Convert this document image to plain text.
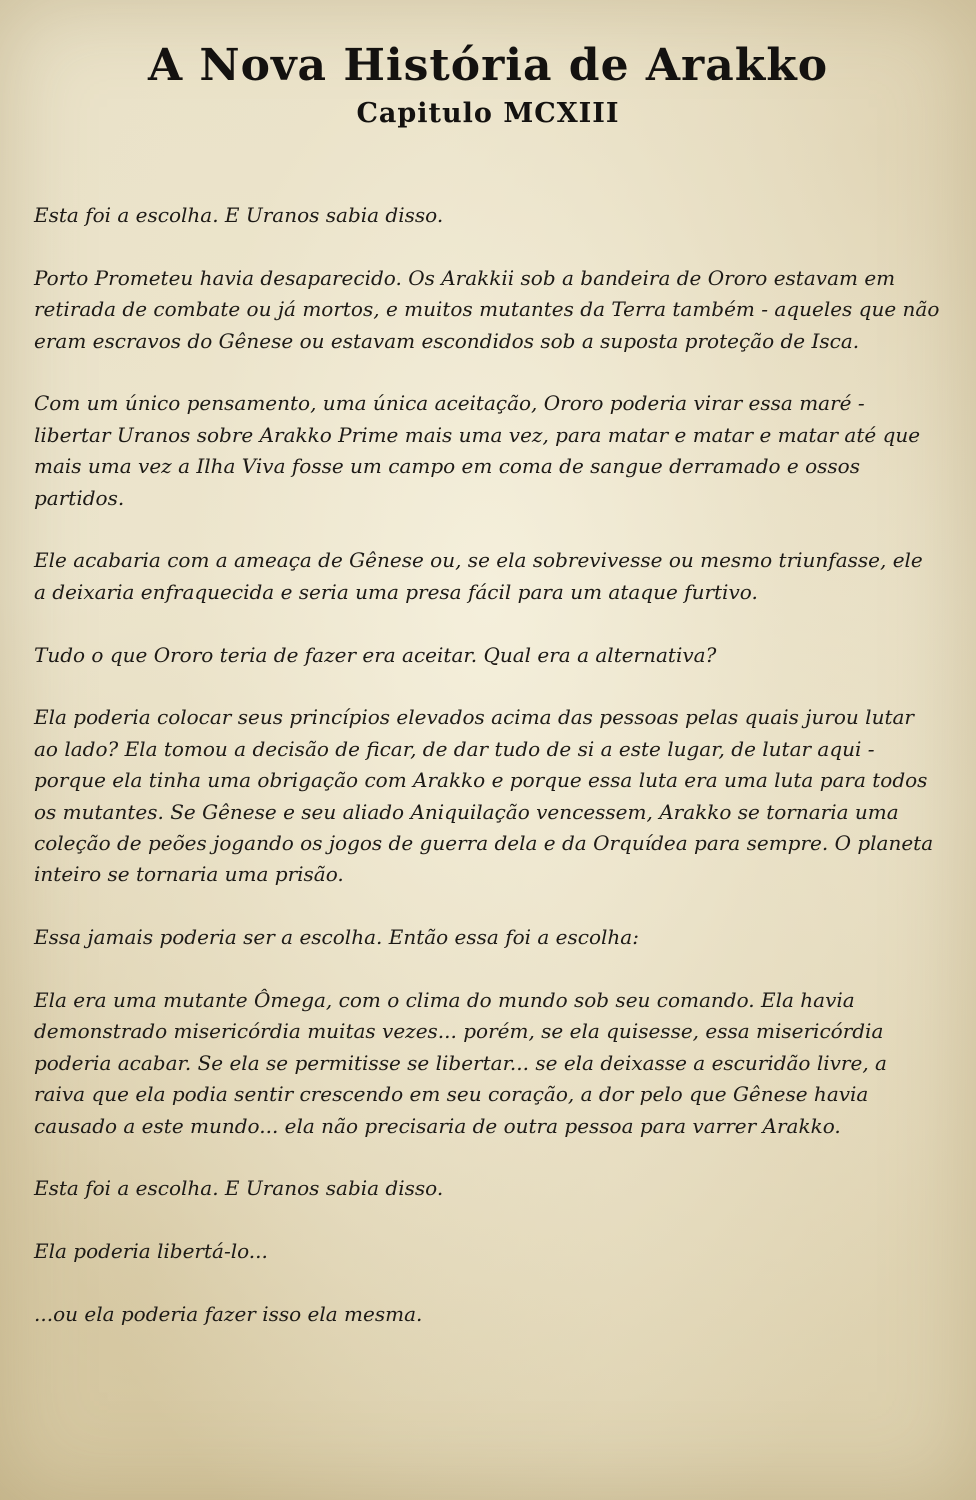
A Nova História de Arakko
Capitulo MCXIII

Esta foi a escolha. E Uranos sabia disso.

Porto Prometeu havia desaparecido. Os Arakkii sob a bandeira de Ororo estavam em retirada de combate ou já mortos, e muitos mutantes da Terra também - aqueles que não eram escravos do Gênese ou estavam escondidos sob a suposta proteção de Isca.

Com um único pensamento, uma única aceitação, Ororo poderia virar essa maré - libertar Uranos sobre Arakko Prime mais uma vez, para matar e matar e matar até que mais uma vez a Ilha Viva fosse um campo em coma de sangue derramado e ossos partidos.

Ele acabaria com a ameaça de Gênese ou, se ela sobrevivesse ou mesmo triunfasse, ele a deixaria enfraquecida e seria uma presa fácil para um ataque furtivo.

Tudo o que Ororo teria de fazer era aceitar. Qual era a alternativa?

Ela poderia colocar seus princípios elevados acima das pessoas pelas quais jurou lutar ao lado? Ela tomou a decisão de ficar, de dar tudo de si a este lugar, de lutar aqui - porque ela tinha uma obrigação com Arakko e porque essa luta era uma luta para todos os mutantes. Se Gênese e seu aliado Aniquilação vencessem, Arakko se tornaria uma coleção de peões jogando os jogos de guerra dela e da Orquídea para sempre. O planeta inteiro se tornaria uma prisão.

Essa jamais poderia ser a escolha. Então essa foi a escolha:

Ela era uma mutante Ômega, com o clima do mundo sob seu comando. Ela havia demonstrado misericórdia muitas vezes... porém, se ela quisesse, essa misericórdia poderia acabar. Se ela se permitisse se libertar... se ela deixasse a escuridão livre, a raiva que ela podia sentir crescendo em seu coração, a dor pelo que Gênese havia causado a este mundo... ela não precisaria de outra pessoa para varrer Arakko.

Esta foi a escolha. E Uranos sabia disso.

Ela poderia libertá-lo...

...ou ela poderia fazer isso ela mesma.
